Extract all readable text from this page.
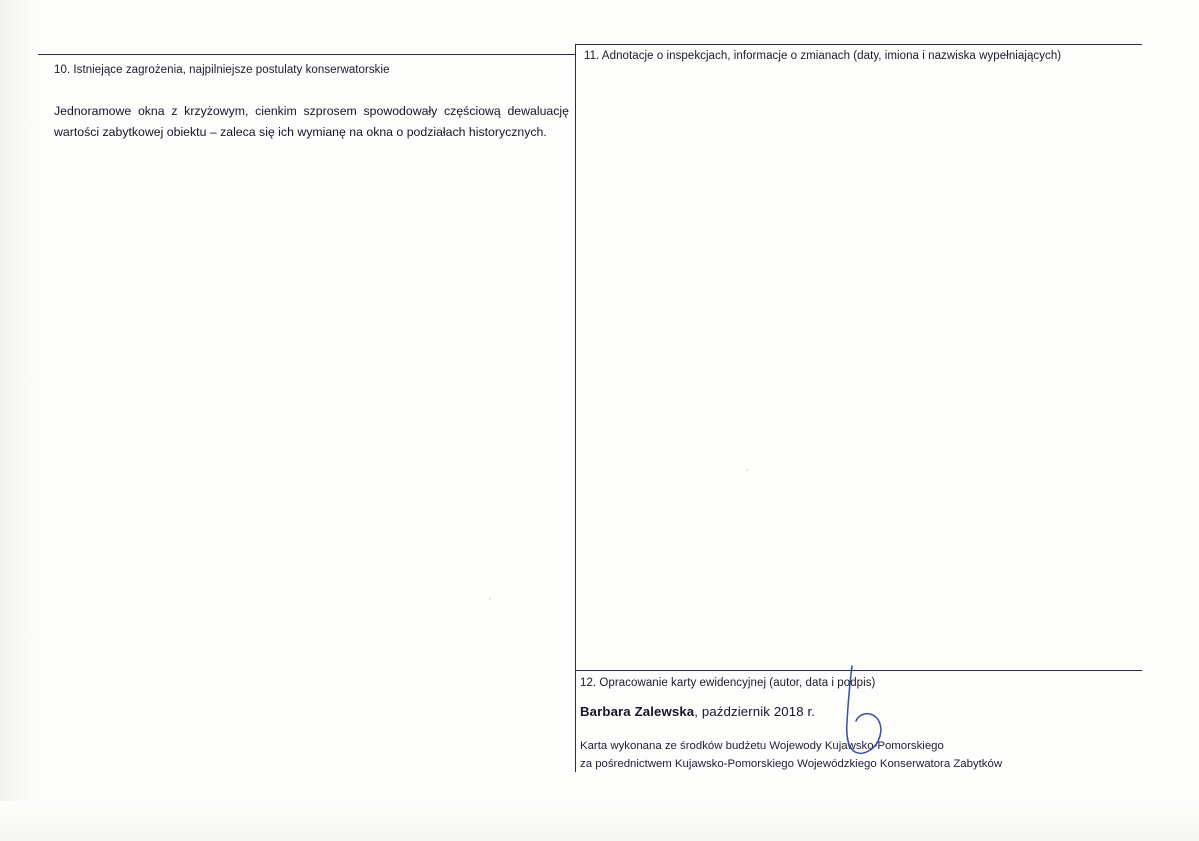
10. Istniejące zagrożenia, najpilniejsze postulaty konserwatorskie
Jednoramowe okna z krzyżowym, cienkim szprosem spowodowały częściową dewaluację wartości zabytkowej obiektu – zaleca się ich wymianę na okna o podziałach historycznych.
11. Adnotacje o inspekcjach, informacje o zmianach (daty, imiona i nazwiska wypełniających)
12. Opracowanie karty ewidencyjnej (autor, data i podpis)
Barbara Zalewska, październik 2018 r.
Karta wykonana ze środków budżetu Wojewody Kujawsko-Pomorskiego
za pośrednictwem Kujawsko-Pomorskiego Wojewódzkiego Konserwatora Zabytków
